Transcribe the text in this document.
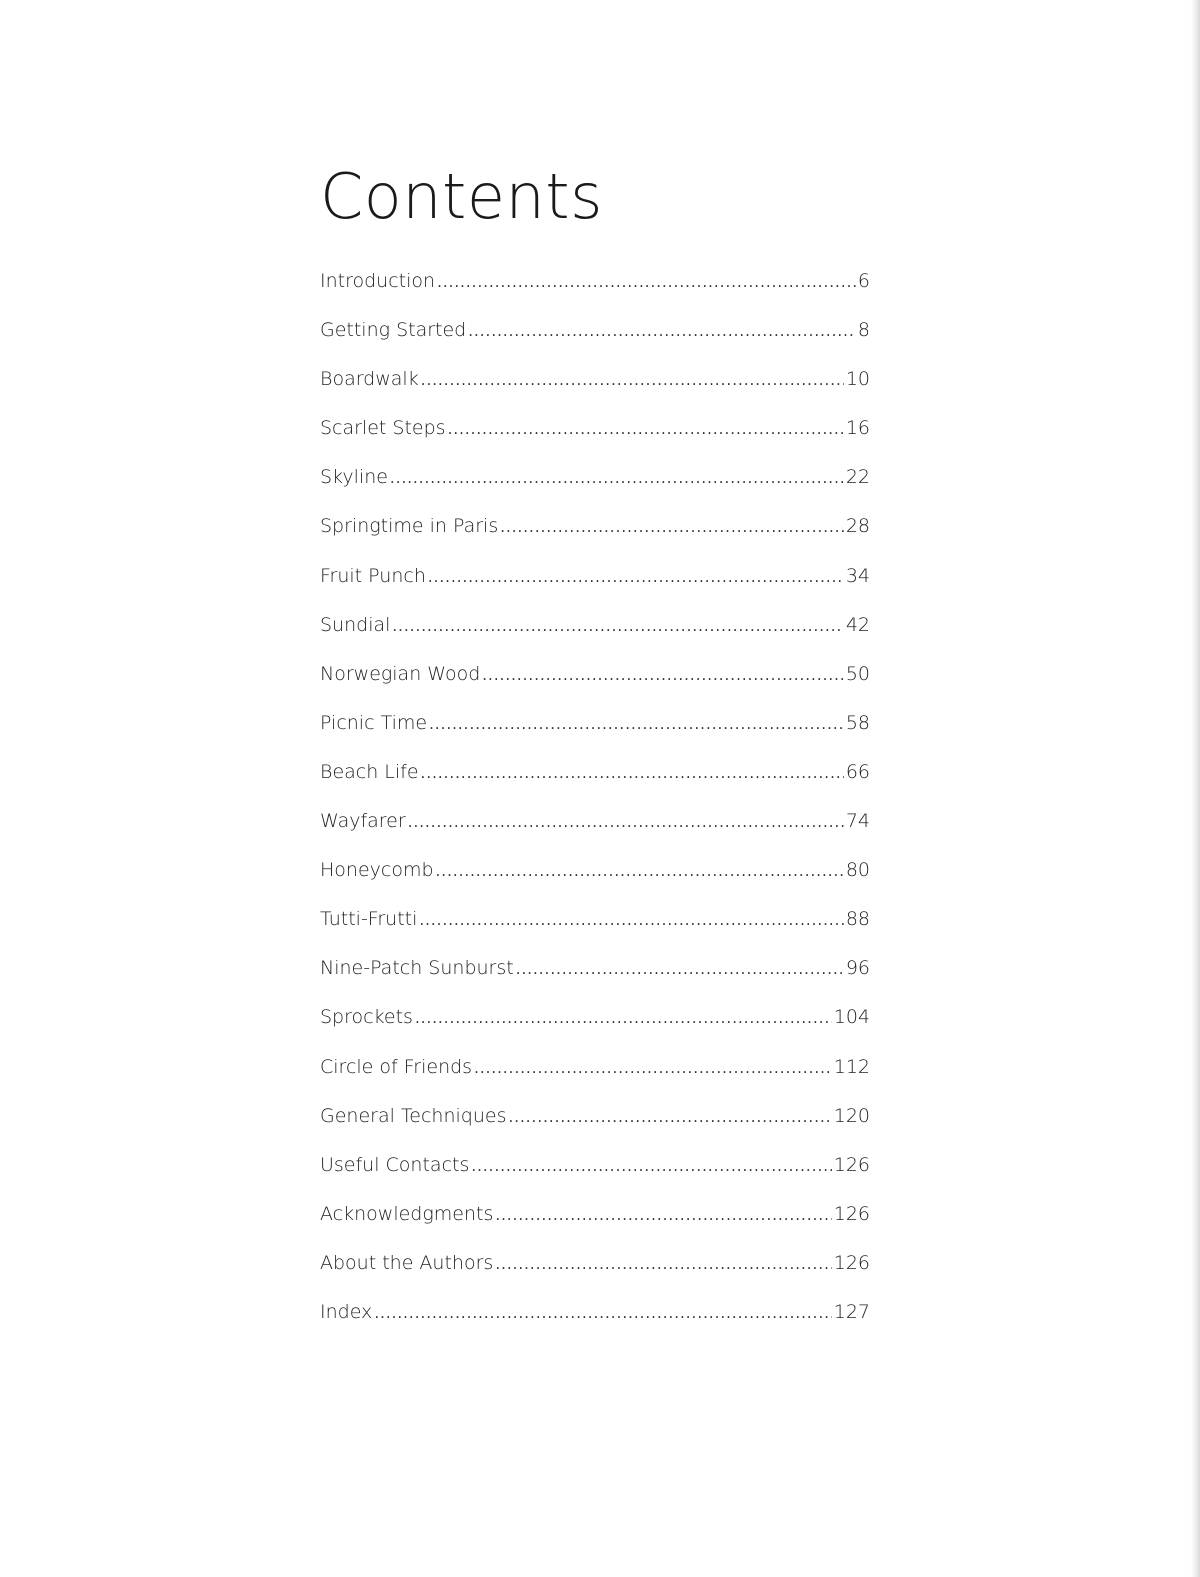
Contents
Introduction .....	6
Getting Started .....	8
Boardwalk .....	10
Scarlet Steps .....	16
Skyline .....	22
Springtime in Paris .....	28
Fruit Punch .....	34
Sundial .....	42
Norwegian Wood .....	50
Picnic Time .....	58
Beach Life .....	66
Wayfarer .....	74
Honeycomb .....	80
Tutti-Frutti .....	88
Nine-Patch Sunburst .....	96
Sprockets .....	104
Circle of Friends .....	112
General Techniques .....	120
Useful Contacts .....	126
Acknowledgments .....	126
About the Authors .....	126
Index .....	127
